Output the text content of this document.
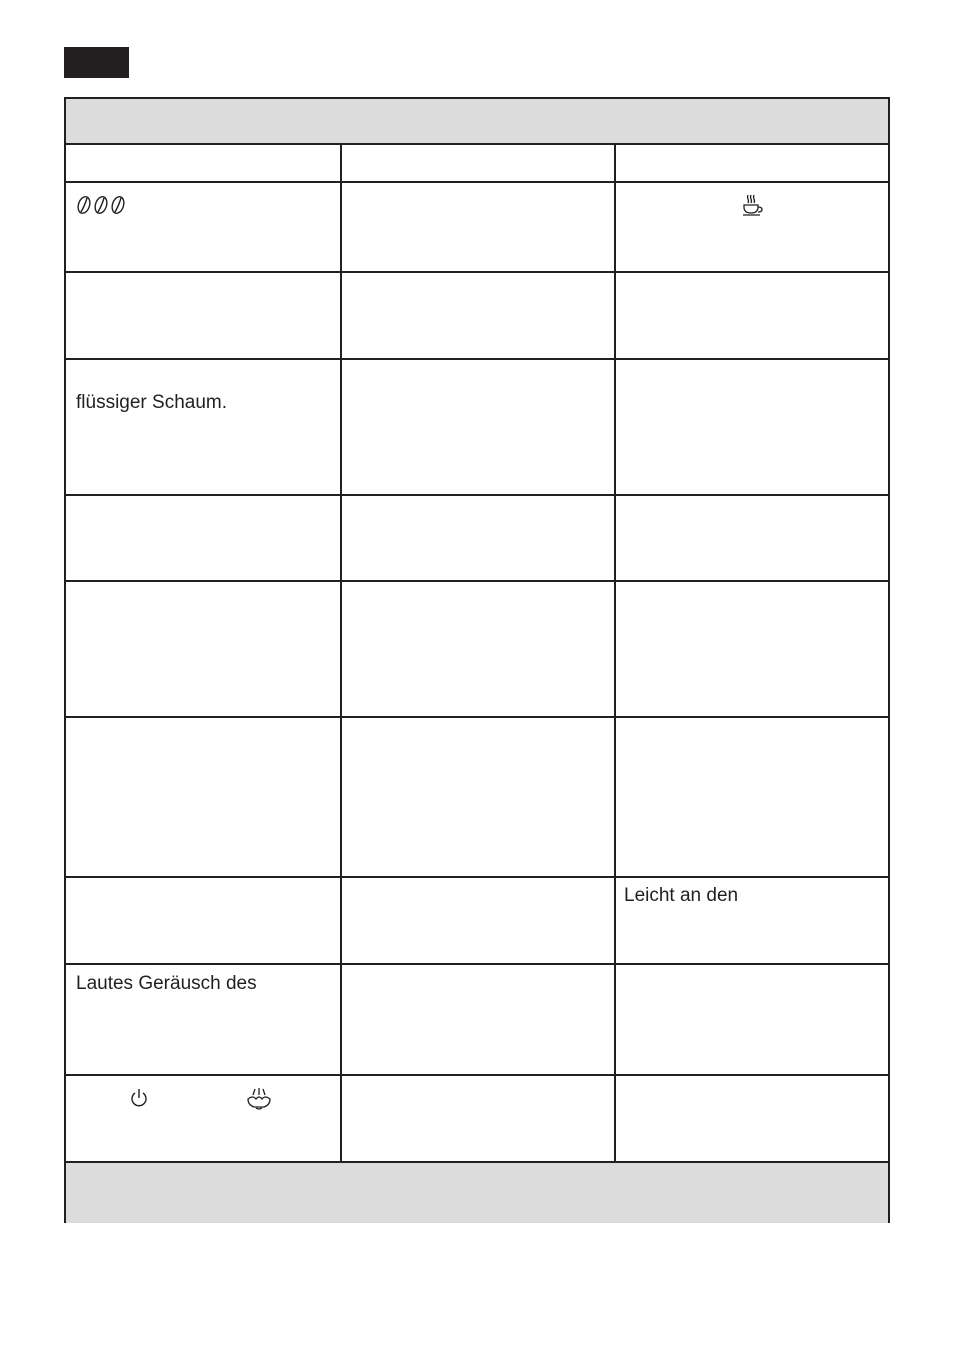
flüssiger Schaum.
Leicht an den
Lautes Geräusch des
